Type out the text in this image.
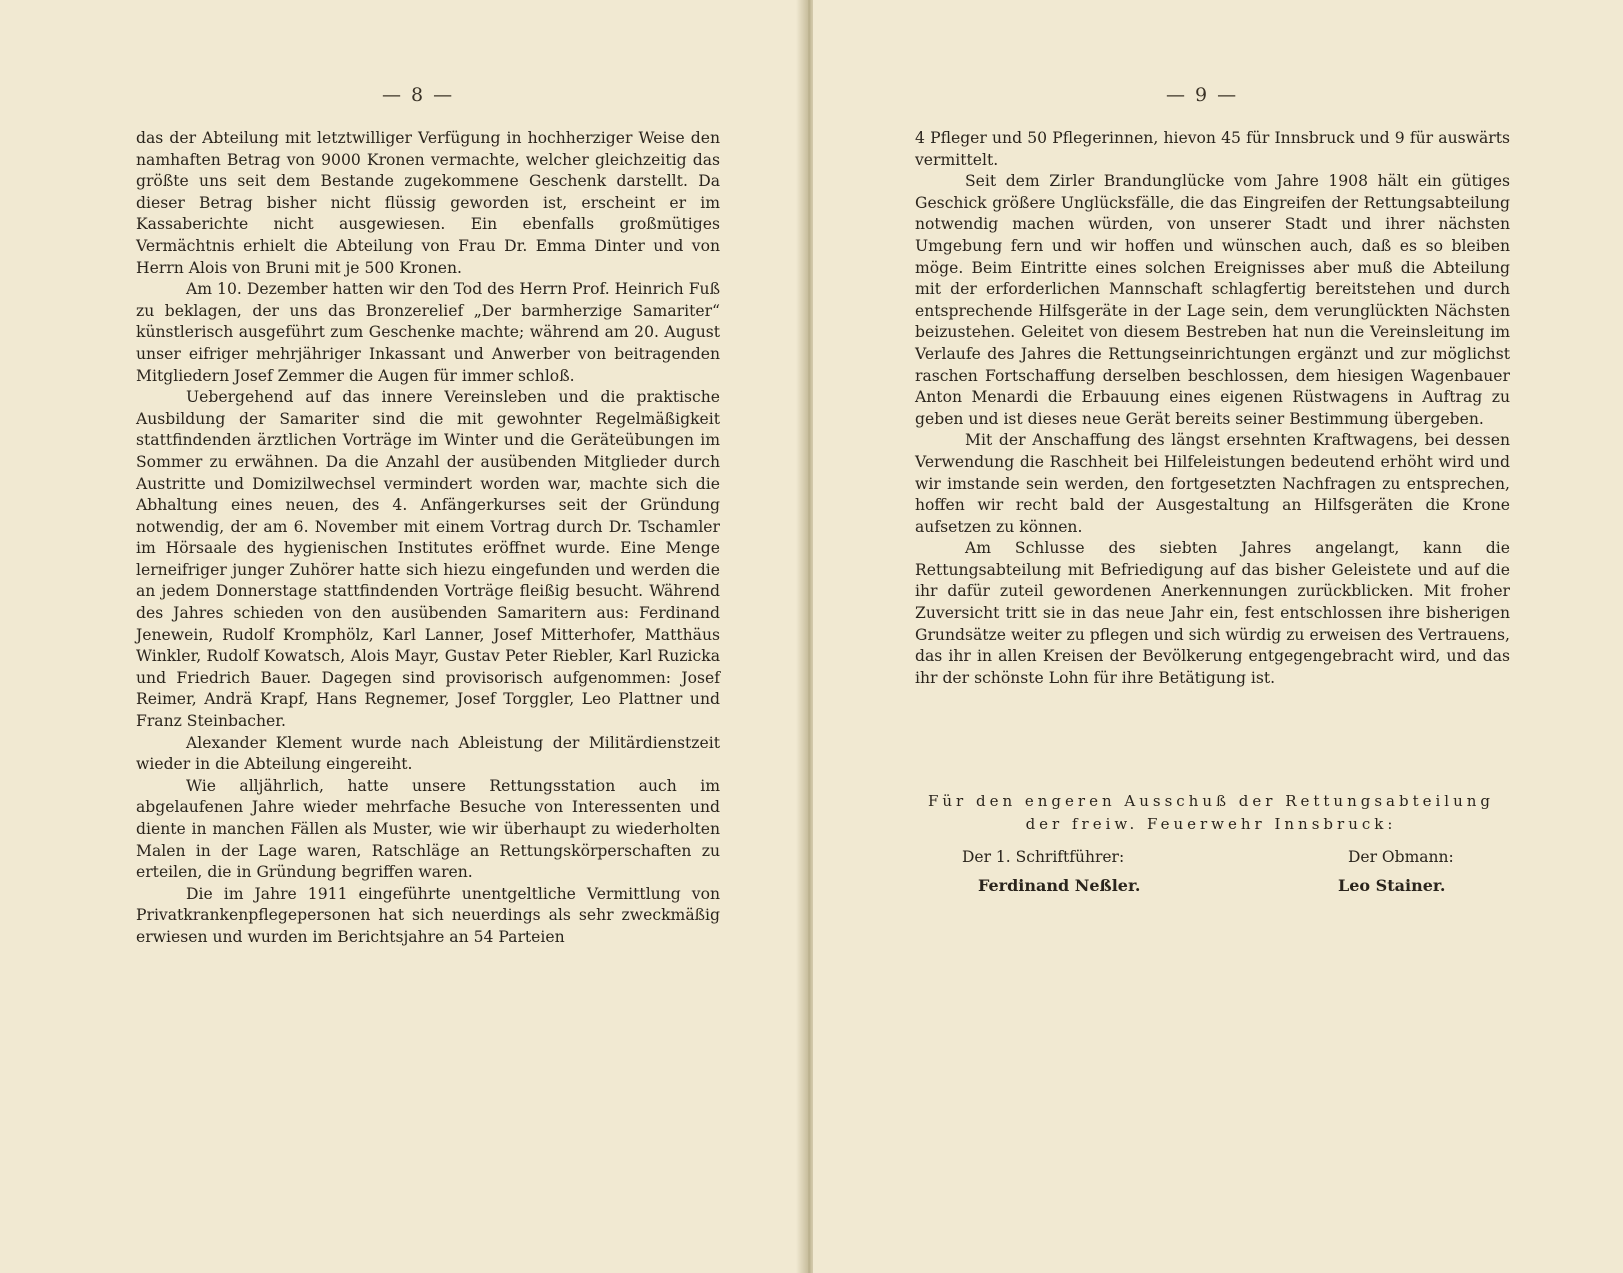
— 8 —

das der Abteilung mit letztwilliger Verfügung in hochherziger Weise den namhaften Betrag von 9000 Kronen vermachte, welcher gleichzeitig das größte uns seit dem Bestande zugekommene Geschenk darstellt. Da dieser Betrag bisher nicht flüssig geworden ist, erscheint er im Kassaberichte nicht ausgewiesen. Ein ebenfalls großmütiges Vermächtnis erhielt die Abteilung von Frau Dr. Emma Dinter und von Herrn Alois von Bruni mit je 500 Kronen.

Am 10. Dezember hatten wir den Tod des Herrn Prof. Heinrich Fuß zu beklagen, der uns das Bronzerelief „Der barmherzige Samariter“ künstlerisch ausgeführt zum Geschenke machte; während am 20. August unser eifriger mehrjähriger Inkassant und Anwerber von beitragenden Mitgliedern Josef Zemmer die Augen für immer schloß.

Uebergehend auf das innere Vereinsleben und die praktische Ausbildung der Samariter sind die mit gewohnter Regelmäßigkeit stattfindenden ärztlichen Vorträge im Winter und die Geräteübungen im Sommer zu erwähnen. Da die Anzahl der ausübenden Mitglieder durch Austritte und Domizilwechsel vermindert worden war, machte sich die Abhaltung eines neuen, des 4. Anfängerkurses seit der Gründung notwendig, der am 6. November mit einem Vortrag durch Dr. Tschamler im Hörsaale des hygienischen Institutes eröffnet wurde. Eine Menge lerneifriger junger Zuhörer hatte sich hiezu eingefunden und werden die an jedem Donnerstage stattfindenden Vorträge fleißig besucht. Während des Jahres schieden von den ausübenden Samaritern aus: Ferdinand Jenewein, Rudolf Kromphölz, Karl Lanner, Josef Mitterhofer, Matthäus Winkler, Rudolf Kowatsch, Alois Mayr, Gustav Peter Riebler, Karl Ruzicka und Friedrich Bauer. Dagegen sind provisorisch aufgenommen: Josef Reimer, Andrä Krapf, Hans Regnemer, Josef Torggler, Leo Plattner und Franz Steinbacher.

Alexander Klement wurde nach Ableistung der Militärdienstzeit wieder in die Abteilung eingereiht.

Wie alljährlich, hatte unsere Rettungsstation auch im abgelaufenen Jahre wieder mehrfache Besuche von Interessenten und diente in manchen Fällen als Muster, wie wir überhaupt zu wiederholten Malen in der Lage waren, Ratschläge an Rettungskörperschaften zu erteilen, die in Gründung begriffen waren.

Die im Jahre 1911 eingeführte unentgeltliche Vermittlung von Privatkrankenpflegepersonen hat sich neuerdings als sehr zweckmäßig erwiesen und wurden im Berichtsjahre an 54 Parteien

— 9 —

4 Pfleger und 50 Pflegerinnen, hievon 45 für Innsbruck und 9 für auswärts vermittelt.

Seit dem Zirler Brandunglücke vom Jahre 1908 hält ein gütiges Geschick größere Unglücksfälle, die das Eingreifen der Rettungsabteilung notwendig machen würden, von unserer Stadt und ihrer nächsten Umgebung fern und wir hoffen und wünschen auch, daß es so bleiben möge. Beim Eintritte eines solchen Ereignisses aber muß die Abteilung mit der erforderlichen Mannschaft schlagfertig bereitstehen und durch entsprechende Hilfsgeräte in der Lage sein, dem verunglückten Nächsten beizustehen. Geleitet von diesem Bestreben hat nun die Vereinsleitung im Verlaufe des Jahres die Rettungseinrichtungen ergänzt und zur möglichst raschen Fortschaffung derselben beschlossen, dem hiesigen Wagenbauer Anton Menardi die Erbauung eines eigenen Rüstwagens in Auftrag zu geben und ist dieses neue Gerät bereits seiner Bestimmung übergeben.

Mit der Anschaffung des längst ersehnten Kraftwagens, bei dessen Verwendung die Raschheit bei Hilfeleistungen bedeutend erhöht wird und wir imstande sein werden, den fortgesetzten Nachfragen zu entsprechen, hoffen wir recht bald der Ausgestaltung an Hilfsgeräten die Krone aufsetzen zu können.

Am Schlusse des siebten Jahres angelangt, kann die Rettungsabteilung mit Befriedigung auf das bisher Geleistete und auf die ihr dafür zuteil gewordenen Anerkennungen zurückblicken. Mit froher Zuversicht tritt sie in das neue Jahr ein, fest entschlossen ihre bisherigen Grundsätze weiter zu pflegen und sich würdig zu erweisen des Vertrauens, das ihr in allen Kreisen der Bevölkerung entgegengebracht wird, und das ihr der schönste Lohn für ihre Betätigung ist.

Für den engeren Ausschuß der Rettungsabteilung
der freiw. Feuerwehr Innsbruck:
Der 1. Schriftführer:	Der Obmann:
Ferdinand Neßler.	Leo Stainer.
